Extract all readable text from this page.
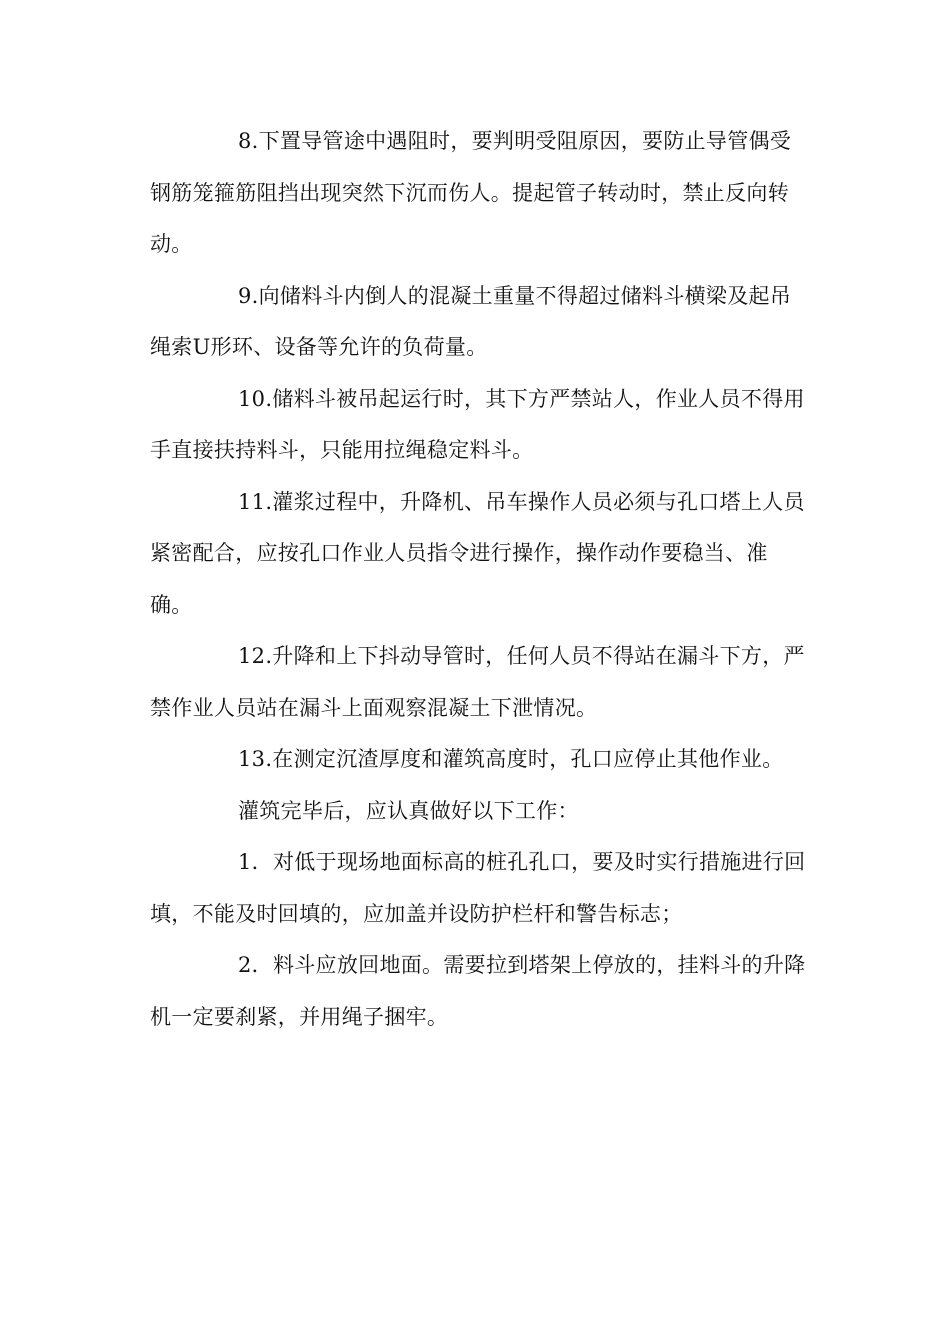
8.下置导管途中遇阻时，要判明受阻原因，要防止导管偶受钢筋笼箍筋阻挡出现突然下沉而伤人。提起管子转动时，禁止反向转动。

9.向储料斗内倒人的混凝土重量不得超过储料斗横梁及起吊绳索U形环、设备等允许的负荷量。

10.储料斗被吊起运行时，其下方严禁站人，作业人员不得用手直接扶持料斗，只能用拉绳稳定料斗。

11.灌浆过程中，升降机、吊车操作人员必须与孔口塔上人员紧密配合，应按孔口作业人员指令进行操作，操作动作要稳当、准确。

12.升降和上下抖动导管时，任何人员不得站在漏斗下方，严禁作业人员站在漏斗上面观察混凝土下泄情况。

13.在测定沉渣厚度和灌筑高度时，孔口应停止其他作业。

灌筑完毕后，应认真做好以下工作：

1．对低于现场地面标高的桩孔孔口，要及时实行措施进行回填，不能及时回填的，应加盖并设防护栏杆和警告标志；

2．料斗应放回地面。需要拉到塔架上停放的，挂料斗的升降机一定要刹紧，并用绳子捆牢。
